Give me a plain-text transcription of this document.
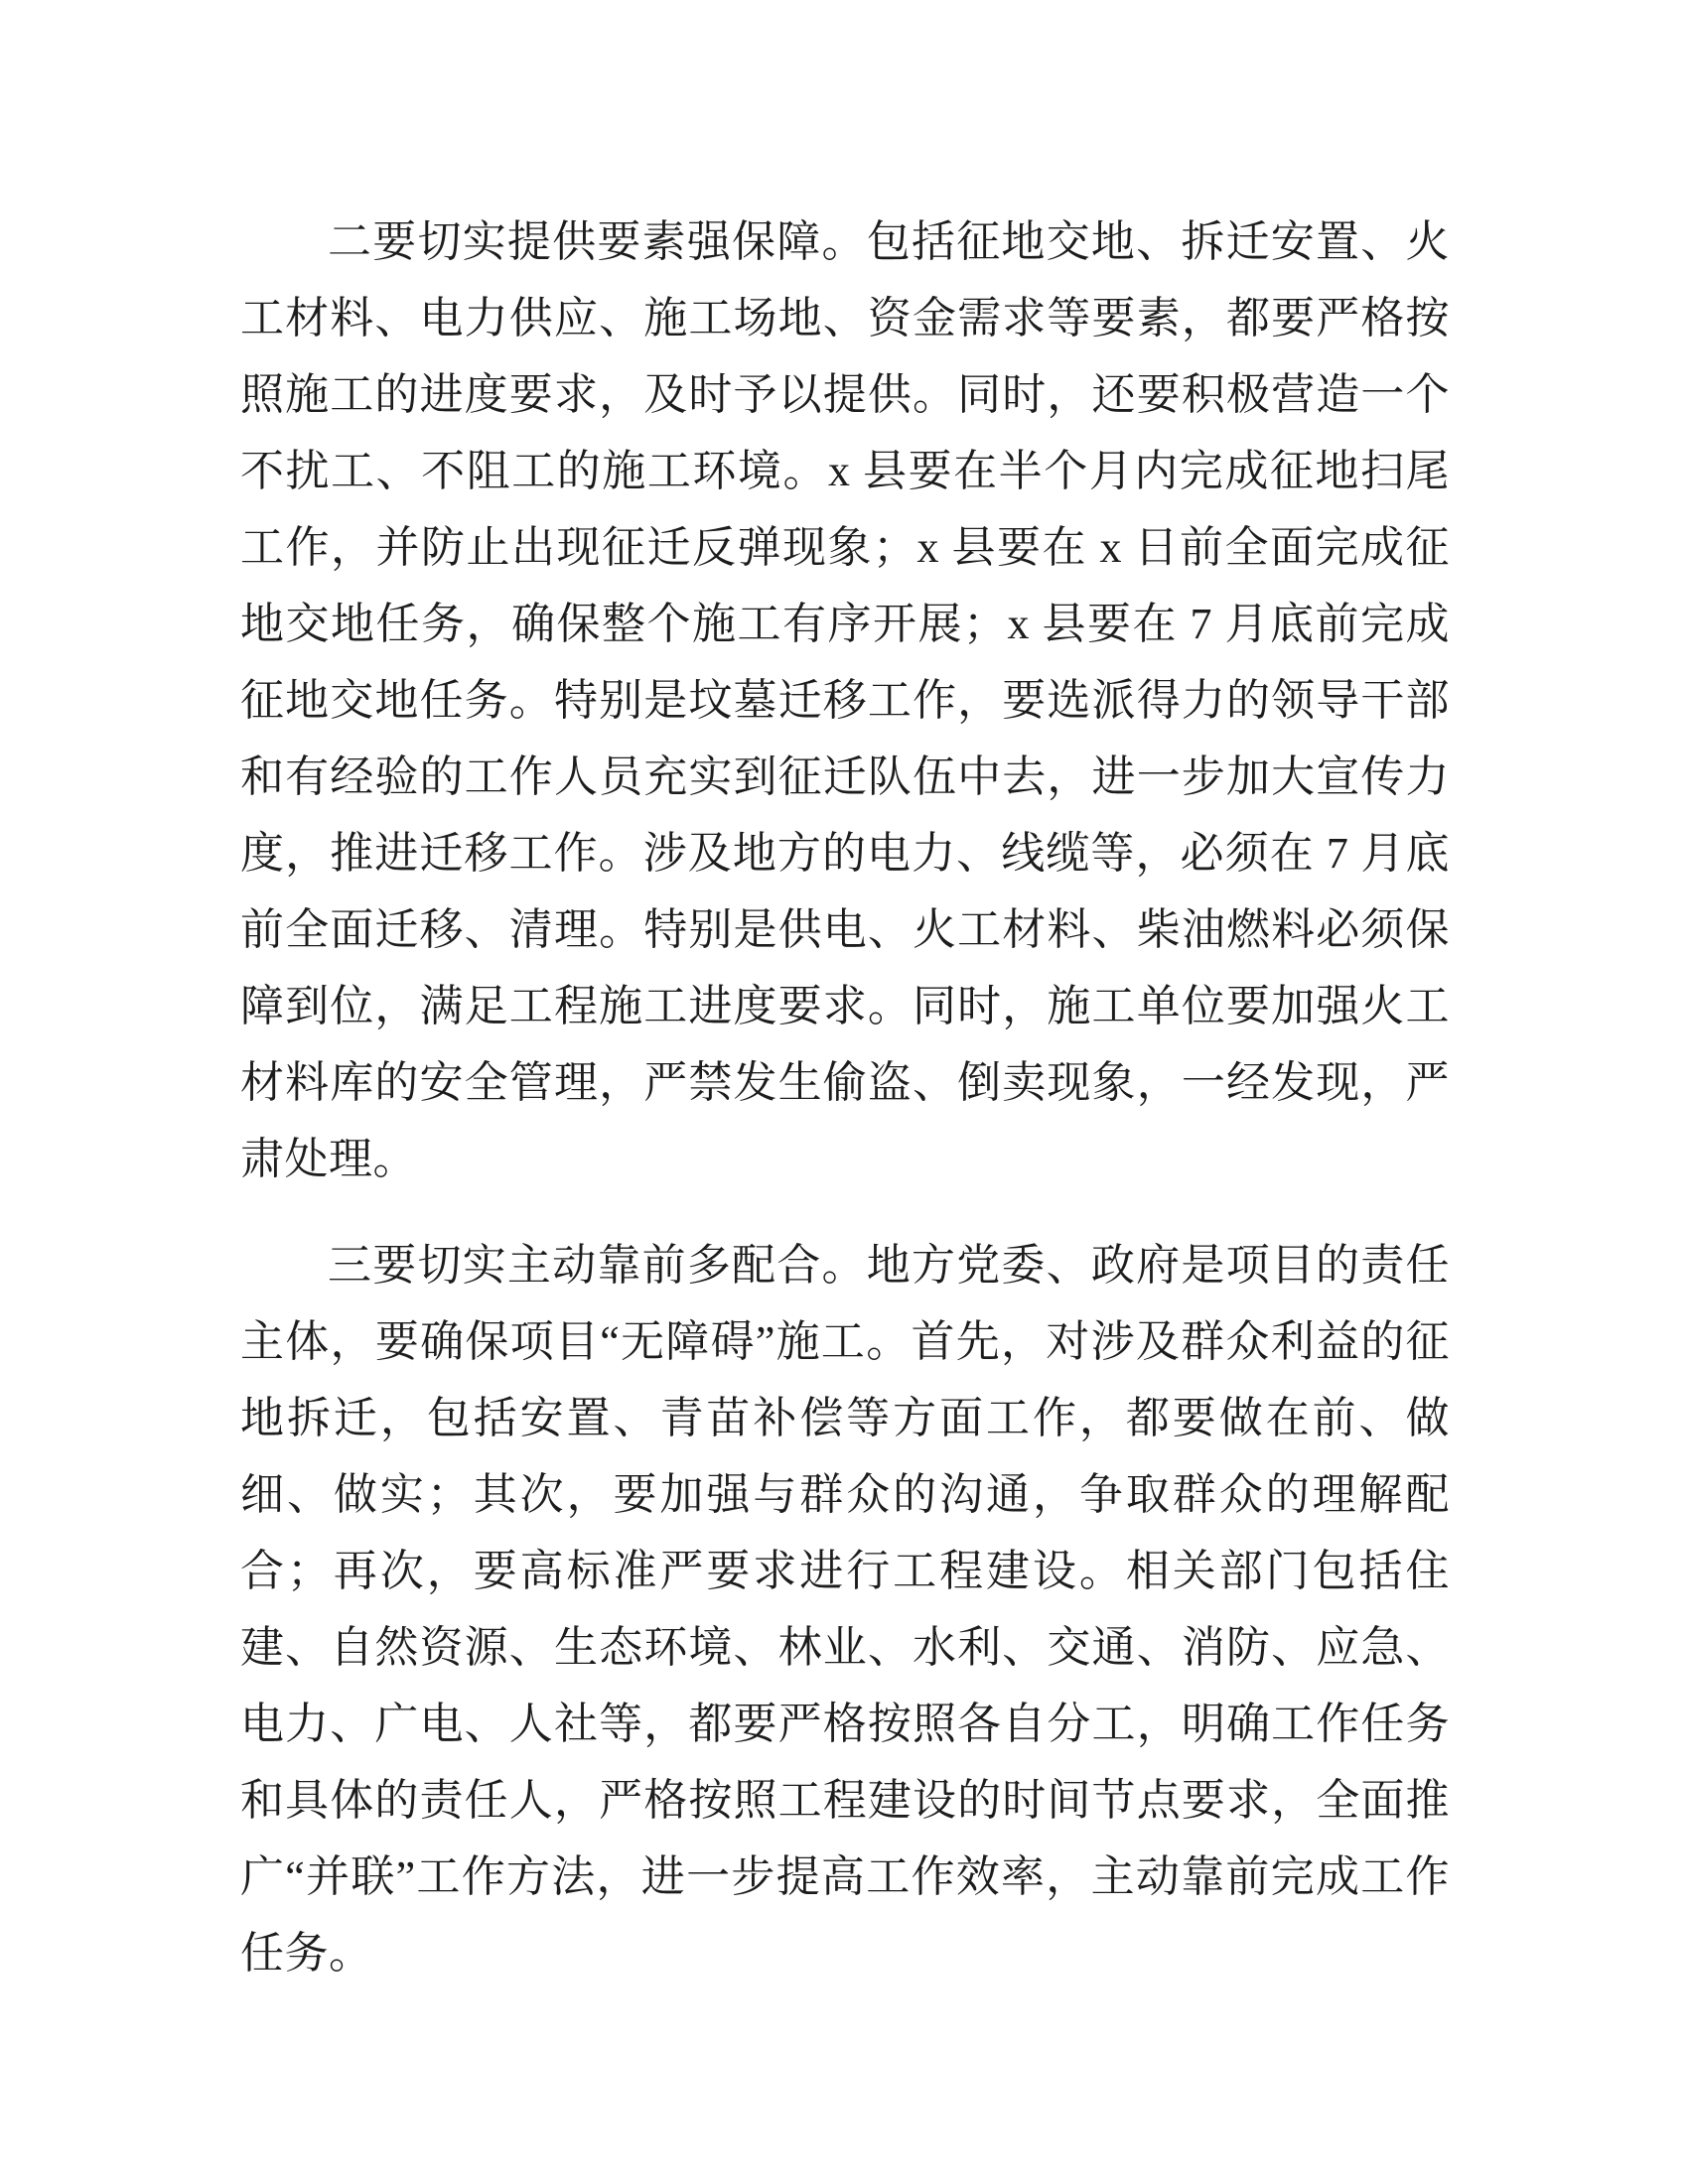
二要切实提供要素强保障。包括征地交地、拆迁安置、火工材料、电力供应、施工场地、资金需求等要素，都要严格按照施工的进度要求，及时予以提供。同时，还要积极营造一个不扰工、不阻工的施工环境。x 县要在半个月内完成征地扫尾工作，并防止出现征迁反弹现象；x 县要在 x 日前全面完成征地交地任务，确保整个施工有序开展；x 县要在 7 月底前完成征地交地任务。特别是坟墓迁移工作，要选派得力的领导干部和有经验的工作人员充实到征迁队伍中去，进一步加大宣传力度，推进迁移工作。涉及地方的电力、线缆等，必须在 7 月底前全面迁移、清理。特别是供电、火工材料、柴油燃料必须保障到位，满足工程施工进度要求。同时，施工单位要加强火工材料库的安全管理，严禁发生偷盗、倒卖现象，一经发现，严肃处理。

三要切实主动靠前多配合。地方党委、政府是项目的责任主体，要确保项目“无障碍”施工。首先，对涉及群众利益的征地拆迁，包括安置、青苗补偿等方面工作，都要做在前、做细、做实；其次，要加强与群众的沟通，争取群众的理解配合；再次，要高标准严要求进行工程建设。相关部门包括住建、自然资源、生态环境、林业、水利、交通、消防、应急、电力、广电、人社等，都要严格按照各自分工，明确工作任务和具体的责任人，严格按照工程建设的时间节点要求，全面推广“并联”工作方法，进一步提高工作效率，主动靠前完成工作任务。
